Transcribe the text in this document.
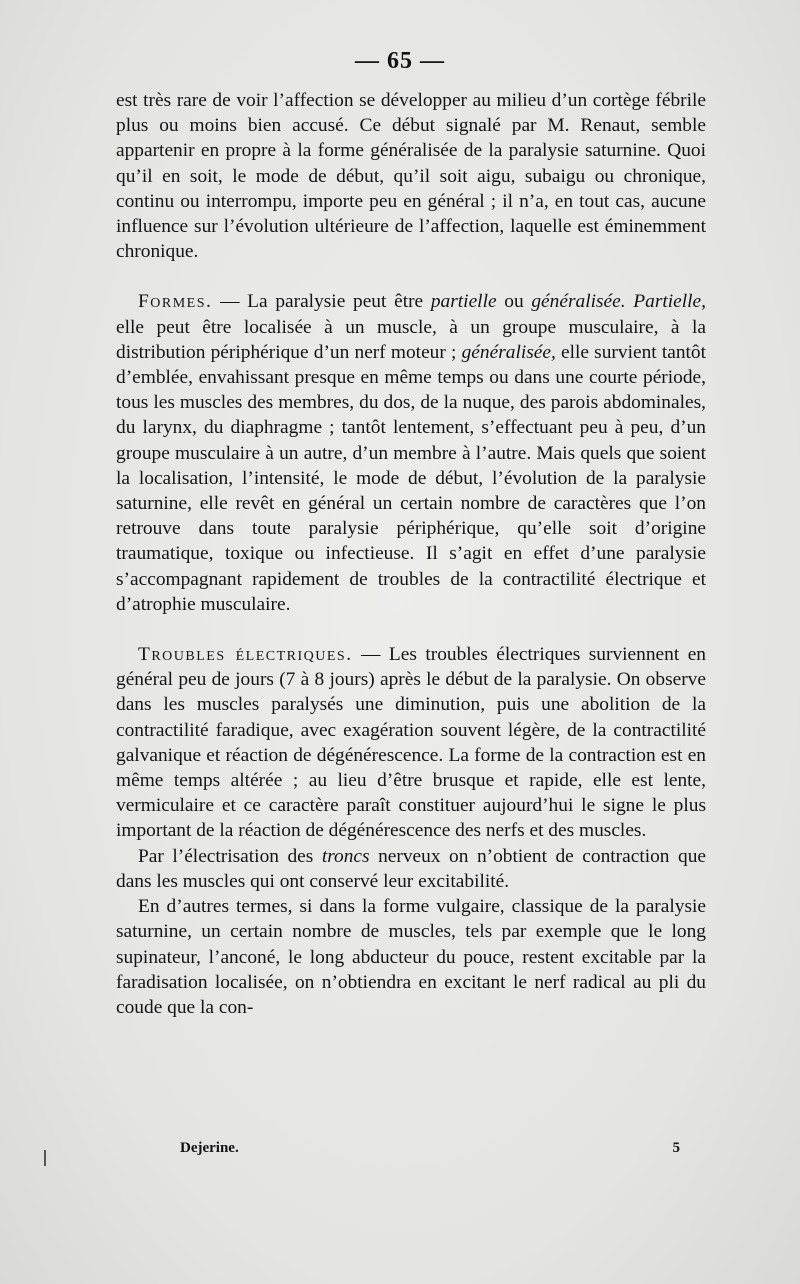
— 65 —

est très rare de voir l’affection se développer au milieu d’un cortège fébrile plus ou moins bien accusé. Ce début signalé par M. Renaut, semble appartenir en propre à la forme généralisée de la paralysie saturnine. Quoi qu’il en soit, le mode de début, qu’il soit aigu, subaigu ou chronique, continu ou interrompu, importe peu en général ; il n’a, en tout cas, aucune influence sur l’évolution ultérieure de l’affection, laquelle est éminemment chronique.

Formes. — La paralysie peut être partielle ou généralisée. Partielle, elle peut être localisée à un muscle, à un groupe musculaire, à la distribution périphérique d’un nerf moteur ; généralisée, elle survient tantôt d’emblée, envahissant presque en même temps ou dans une courte période, tous les muscles des membres, du dos, de la nuque, des parois abdominales, du larynx, du diaphragme ; tantôt lentement, s’effectuant peu à peu, d’un groupe musculaire à un autre, d’un membre à l’autre. Mais quels que soient la localisation, l’intensité, le mode de début, l’évolution de la paralysie saturnine, elle revêt en général un certain nombre de caractères que l’on retrouve dans toute paralysie périphérique, qu’elle soit d’origine traumatique, toxique ou infectieuse. Il s’agit en effet d’une paralysie s’accompagnant rapidement de troubles de la contractilité électrique et d’atrophie musculaire.

Troubles électriques. — Les troubles électriques surviennent en général peu de jours (7 à 8 jours) après le début de la paralysie. On observe dans les muscles paralysés une diminution, puis une abolition de la contractilité faradique, avec exagération souvent légère, de la contractilité galvanique et réaction de dégénérescence. La forme de la contraction est en même temps altérée ; au lieu d’être brusque et rapide, elle est lente, vermiculaire et ce caractère paraît constituer aujourd’hui le signe le plus important de la réaction de dégénérescence des nerfs et des muscles.

Par l’électrisation des troncs nerveux on n’obtient de contraction que dans les muscles qui ont conservé leur excitabilité.

En d’autres termes, si dans la forme vulgaire, classique de la paralysie saturnine, un certain nombre de muscles, tels par exemple que le long supinateur, l’anconé, le long abducteur du pouce, restent excitable par la faradisation localisée, on n’obtiendra en excitant le nerf radical au pli du coude que la con-

Dejerine.	5
